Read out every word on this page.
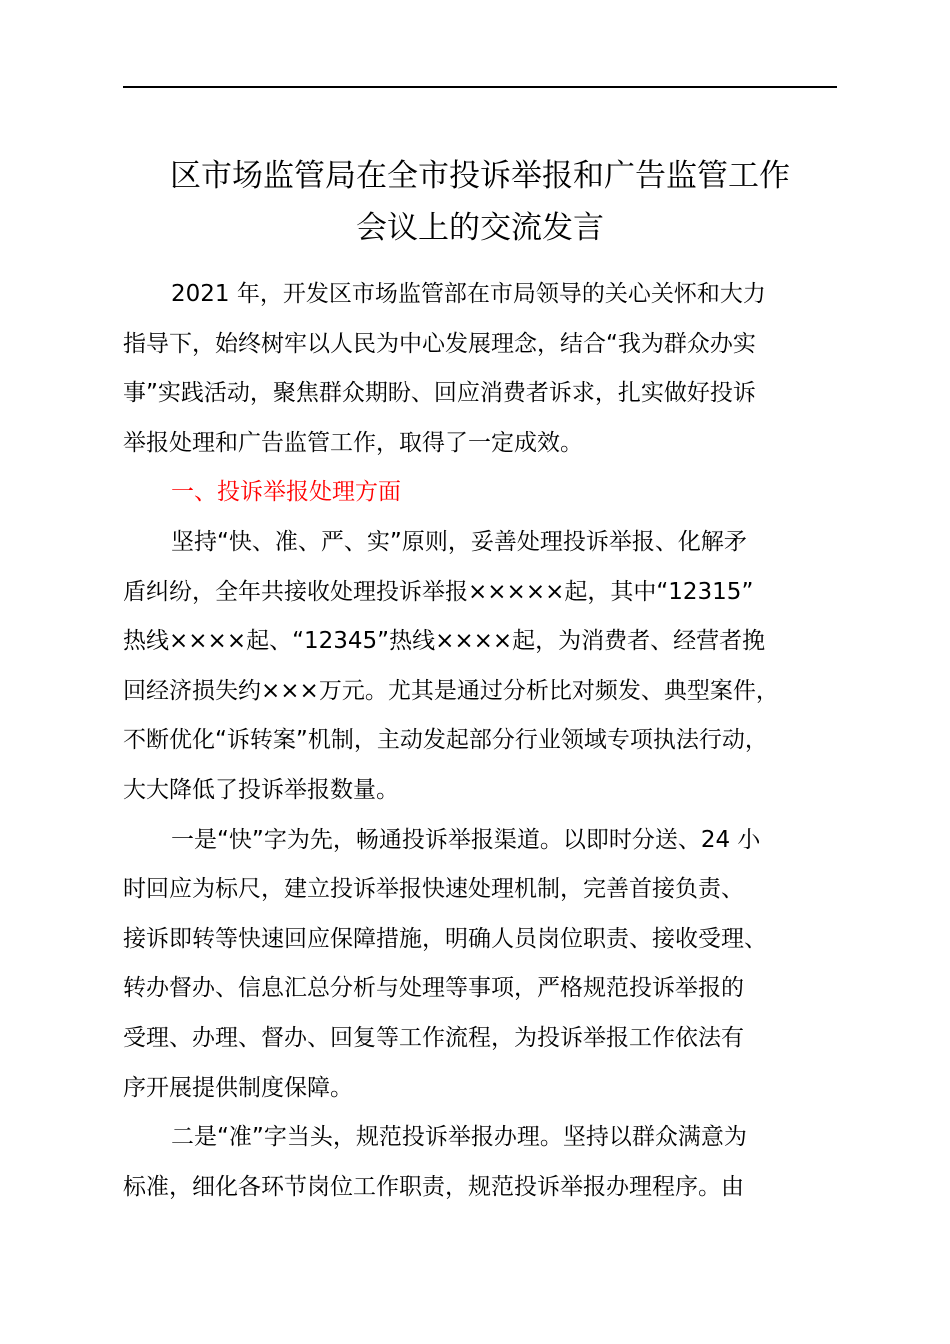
区市场监管局在全市投诉举报和广告监管工作
会议上的交流发言

2021 年，开发区市场监管部在市局领导的关心关怀和大力
指导下，始终树牢以人民为中心发展理念，结合“我为群众办实
事”实践活动，聚焦群众期盼、回应消费者诉求，扎实做好投诉
举报处理和广告监管工作，取得了一定成效。

一、投诉举报处理方面

坚持“快、准、严、实”原则，妥善处理投诉举报、化解矛
盾纠纷，全年共接收处理投诉举报×××××起，其中“12315”
热线××××起、“12345”热线××××起，为消费者、经营者挽
回经济损失约×××万元。尤其是通过分析比对频发、典型案件，
不断优化“诉转案”机制，主动发起部分行业领域专项执法行动，
大大降低了投诉举报数量。

一是“快”字为先，畅通投诉举报渠道。以即时分送、24 小
时回应为标尺，建立投诉举报快速处理机制，完善首接负责、
接诉即转等快速回应保障措施，明确人员岗位职责、接收受理、
转办督办、信息汇总分析与处理等事项，严格规范投诉举报的
受理、办理、督办、回复等工作流程，为投诉举报工作依法有
序开展提供制度保障。

二是“准”字当头，规范投诉举报办理。坚持以群众满意为
标准，细化各环节岗位工作职责，规范投诉举报办理程序。由
